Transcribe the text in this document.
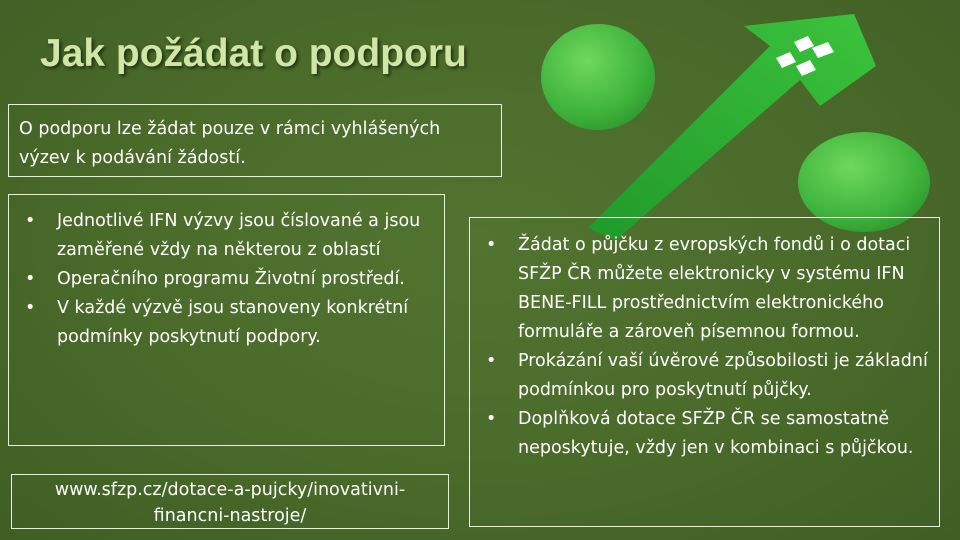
Jak požádat o podporu
O podporu lze žádat pouze v rámci vyhlášených výzev k podávání žádostí.
• Jednotlivé IFN výzvy jsou číslované a jsou zaměřené vždy na některou z oblastí
• Operačního programu Životní prostředí.
• V každé výzvě jsou stanoveny konkrétní podmínky poskytnutí podpory.
• Žádat o půjčku z evropských fondů i o dotaci SFŽP ČR můžete elektronicky v systému IFN BENE-FILL prostřednictvím elektronického formuláře a zároveň písemnou formou.
• Prokázání vaší úvěrové způsobilosti je základní podmínkou pro poskytnutí půjčky.
• Doplňková dotace SFŽP ČR se samostatně neposkytuje, vždy jen v kombinaci s půjčkou.
www.sfzp.cz/dotace-a-pujcky/inovativni-
financni-nastroje/
